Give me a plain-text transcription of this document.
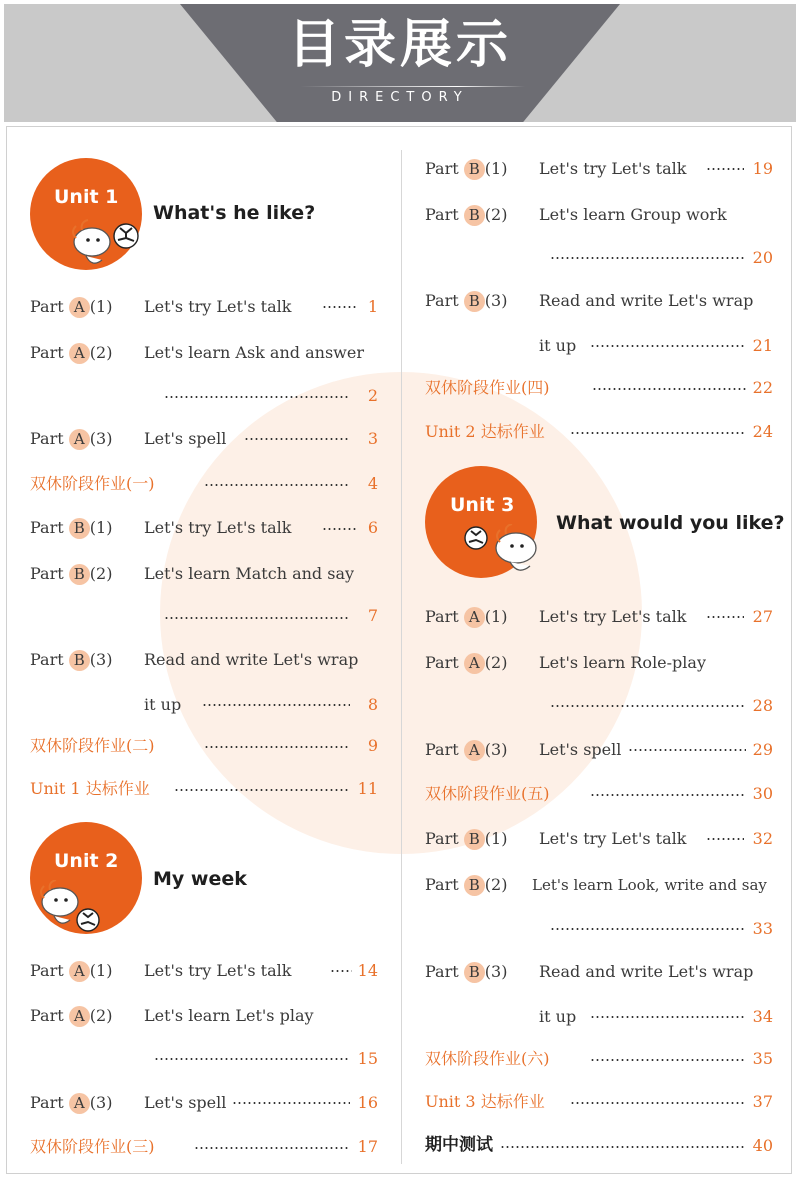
目录展示
DIRECTORY
Unit 1
What's he like?
Unit 2
My week
Unit 3
What would you like?
Part A (1) Let's try Let's talk	1
Part A (2) Let's learn Ask and answer
2
Part A (3) Let's spell	3
双休阶段作业(一)	4
Part B (1) Let's try Let's talk	6
Part B (2) Let's learn Match and say
7
Part B (3) Read and write Let's wrap
it up	8
双休阶段作业(二)	9
Unit 1 达标作业	11
Part A (1) Let's try Let's talk	14
Part A (2) Let's learn Let's play
15
Part A (3) Let's spell	16
双休阶段作业(三)	17
Part B (1) Let's try Let's talk	19
Part B (2) Let's learn Group work
20
Part B (3) Read and write Let's wrap
it up	21
双休阶段作业(四)	22
Unit 2 达标作业	24
Part A (1) Let's try Let's talk	27
Part A (2) Let's learn Role-play
28
Part A (3) Let's spell	29
双休阶段作业(五)	30
Part B (1) Let's try Let's talk	32
Part B (2) Let's learn Look, write and say
33
Part B (3) Read and write Let's wrap
it up	34
双休阶段作业(六)	35
Unit 3 达标作业	37
期中测试	40
